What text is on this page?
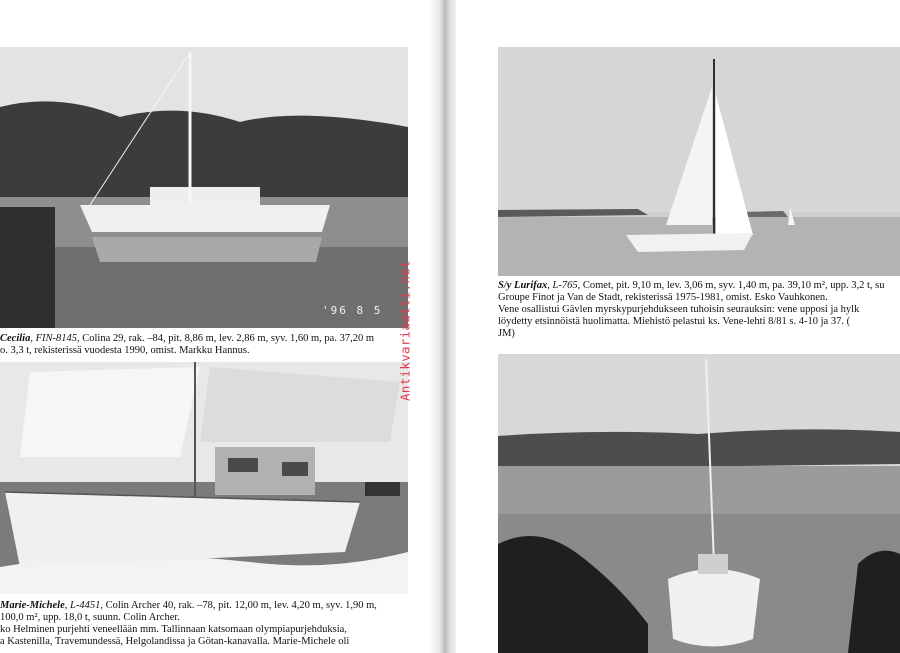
'96 8 5
Cecilia, FIN-8145, Colina 29, rak. –84, pit. 8,86 m, lev. 2,86 m, syv. 1,60 m, pa. 37,20 m
o. 3,3 t, rekisterissä vuodesta 1990, omist. Markku Hannus.
Marie-Michele, L-4451, Colin Archer 40, rak. –78, pit. 12,00 m, lev. 4,20 m, syv. 1,90 m,
100,0 m², upp. 18,0 t, suunn. Colin Archer.
ko Helminen purjehti veneellään mm. Tallinnaan katsomaan olympiapurjehduksia,
a Kastenilla, Travemundessä, Helgolandissa ja Götan-kanavalla. Marie-Michele oli
Antikvariaatti.net	S/y Lurifax, L-765, Comet, pit. 9,10 m, lev. 3,06 m, syv. 1,40 m, pa. 39,10 m², upp. 3,2 t, su
Groupe Finot ja Van de Stadt, rekisterissä 1975-1981, omist. Esko Vauhkonen.
Vene osallistui Gävlen myrskypurjehdukseen tuhoisin seurauksin: vene upposi ja hylk
löydetty etsinnöistä huolimatta. Miehistö pelastui ks. Vene-lehti 8/81 s. 4-10 ja 37. (
JM)
